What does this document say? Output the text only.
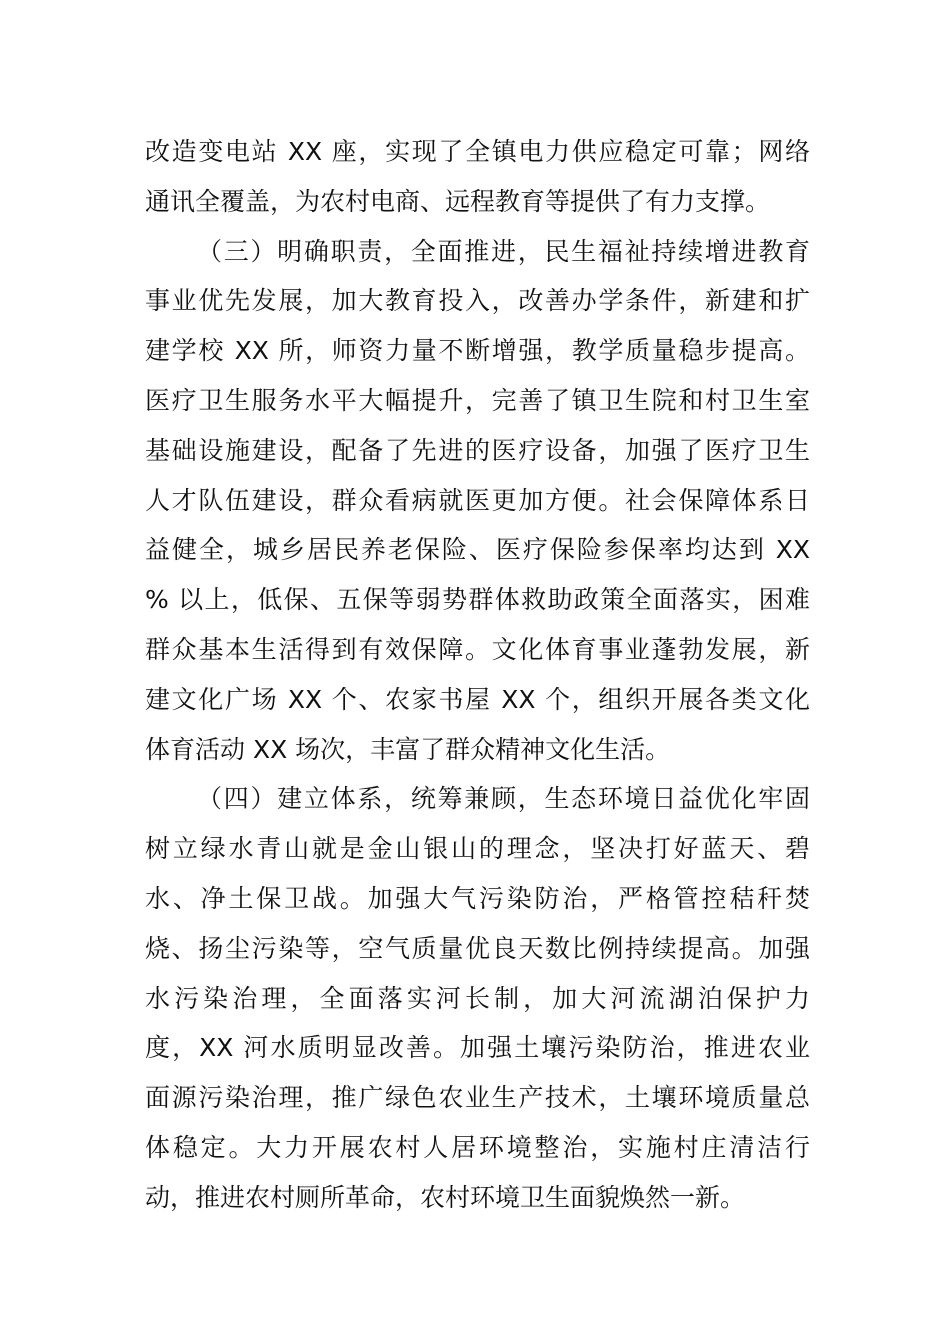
改造变电站 XX 座，实现了全镇电力供应稳定可靠；网络
通讯全覆盖，为农村电商、远程教育等提供了有力支撑。
（三）明确职责，全面推进，民生福祉持续增进教育
事业优先发展，加大教育投入，改善办学条件，新建和扩
建学校 XX 所，师资力量不断增强，教学质量稳步提高。
医疗卫生服务水平大幅提升，完善了镇卫生院和村卫生室
基础设施建设，配备了先进的医疗设备，加强了医疗卫生
人才队伍建设，群众看病就医更加方便。社会保障体系日
益健全，城乡居民养老保险、医疗保险参保率均达到 XX
% 以上，低保、五保等弱势群体救助政策全面落实，困难
群众基本生活得到有效保障。文化体育事业蓬勃发展，新
建文化广场 XX 个、农家书屋 XX 个，组织开展各类文化
体育活动 XX 场次，丰富了群众精神文化生活。
（四）建立体系，统筹兼顾，生态环境日益优化牢固
树立绿水青山就是金山银山的理念，坚决打好蓝天、碧
水、净土保卫战。加强大气污染防治，严格管控秸秆焚
烧、扬尘污染等，空气质量优良天数比例持续提高。加强
水污染治理，全面落实河长制，加大河流湖泊保护力
度，XX 河水质明显改善。加强土壤污染防治，推进农业
面源污染治理，推广绿色农业生产技术，土壤环境质量总
体稳定。大力开展农村人居环境整治，实施村庄清洁行
动，推进农村厕所革命，农村环境卫生面貌焕然一新。
